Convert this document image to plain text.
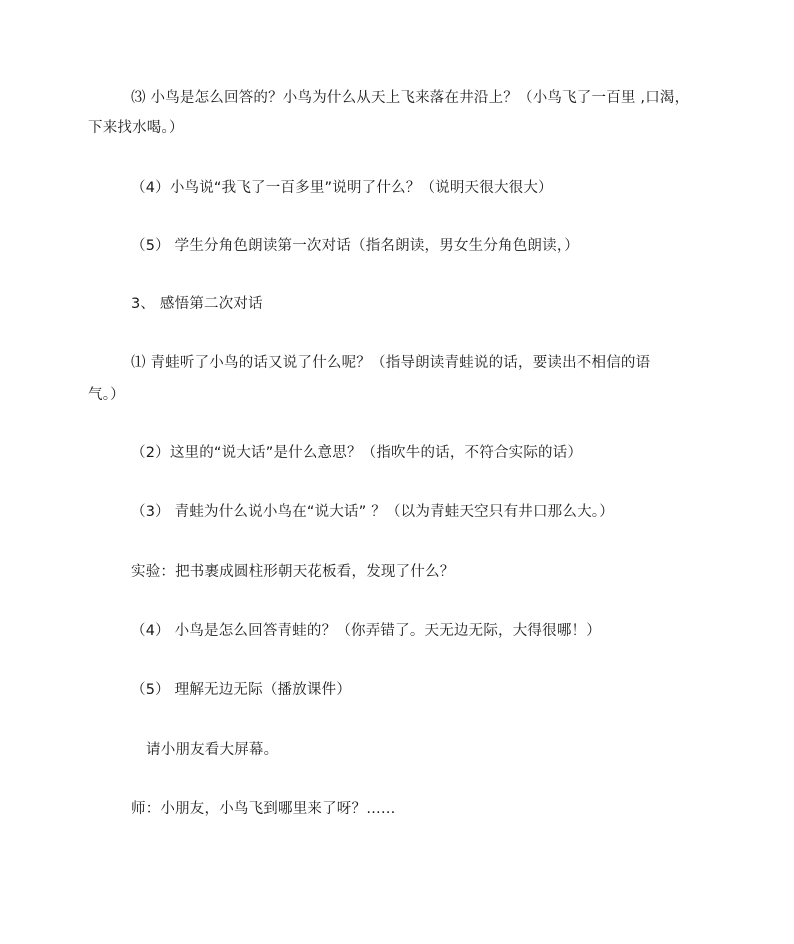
⑶ 小鸟是怎么回答的？小鸟为什么从天上飞来落在井沿上？（小鸟飞了一百里 ,口渴，
下来找水喝。）
（4）小鸟说“我飞了一百多里”说明了什么？（说明天很大很大）
（5） 学生分角色朗读第一次对话（指名朗读，男女生分角色朗读，）
3、 感悟第二次对话
⑴ 青蛙听了小鸟的话又说了什么呢？（指导朗读青蛙说的话，要读出不相信的语
气。）
（2）这里的“说大话”是什么意思？（指吹牛的话，不符合实际的话）
（3） 青蛙为什么说小鸟在“说大话” ？（以为青蛙天空只有井口那么大。）
实验：把书裹成圆柱形朝天花板看，发现了什么？
（4） 小鸟是怎么回答青蛙的？（你弄错了。天无边无际，大得很哪！）
（5） 理解无边无际（播放课件）
请小朋友看大屏幕。
师：小朋友，小鸟飞到哪里来了呀？……
